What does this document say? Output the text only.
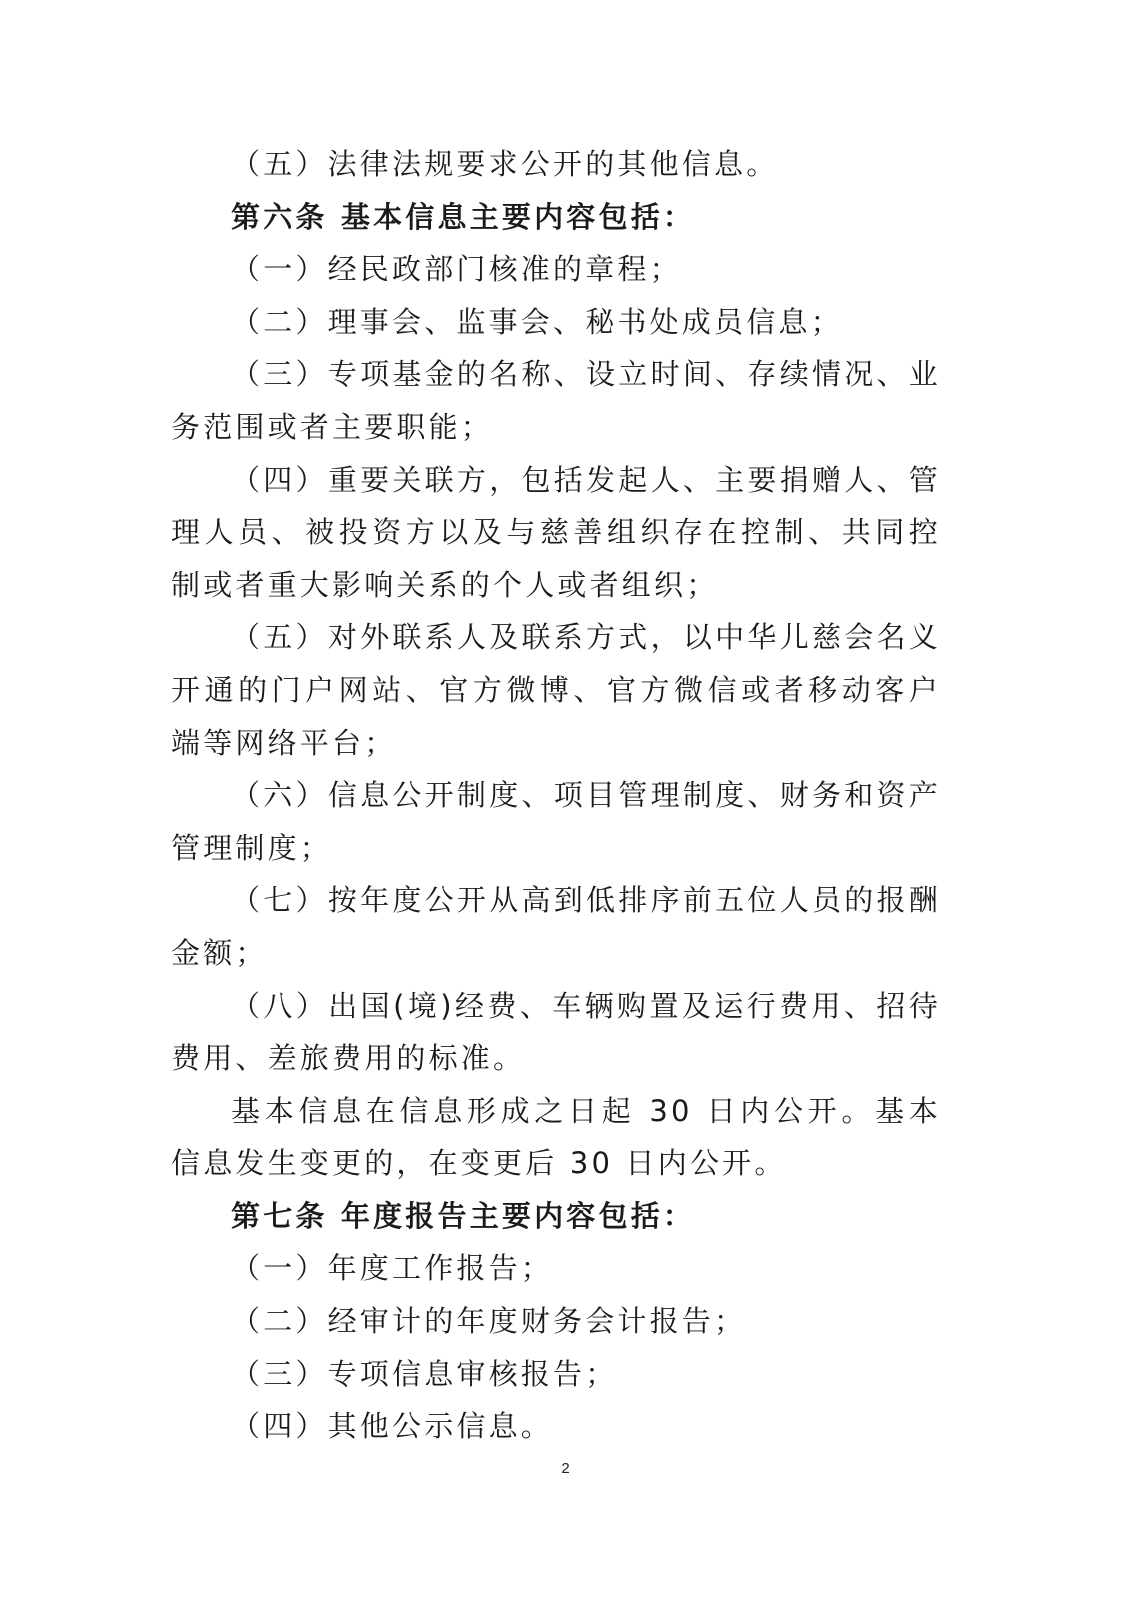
（五）法律法规要求公开的其他信息。

第六条 基本信息主要内容包括：

（一）经民政部门核准的章程；

（二）理事会、监事会、秘书处成员信息；

（三）专项基金的名称、设立时间、存续情况、业务范围或者主要职能；

（四）重要关联方，包括发起人、主要捐赠人、管理人员、被投资方以及与慈善组织存在控制、共同控制或者重大影响关系的个人或者组织；

（五）对外联系人及联系方式，以中华儿慈会名义开通的门户网站、官方微博、官方微信或者移动客户端等网络平台；

（六）信息公开制度、项目管理制度、财务和资产管理制度；

（七）按年度公开从高到低排序前五位人员的报酬金额；

（八）出国(境)经费、车辆购置及运行费用、招待费用、差旅费用的标准。

基本信息在信息形成之日起 30 日内公开。基本信息发生变更的，在变更后 30 日内公开。

第七条 年度报告主要内容包括：

（一）年度工作报告；

（二）经审计的年度财务会计报告；

（三）专项信息审核报告；

（四）其他公示信息。

2
